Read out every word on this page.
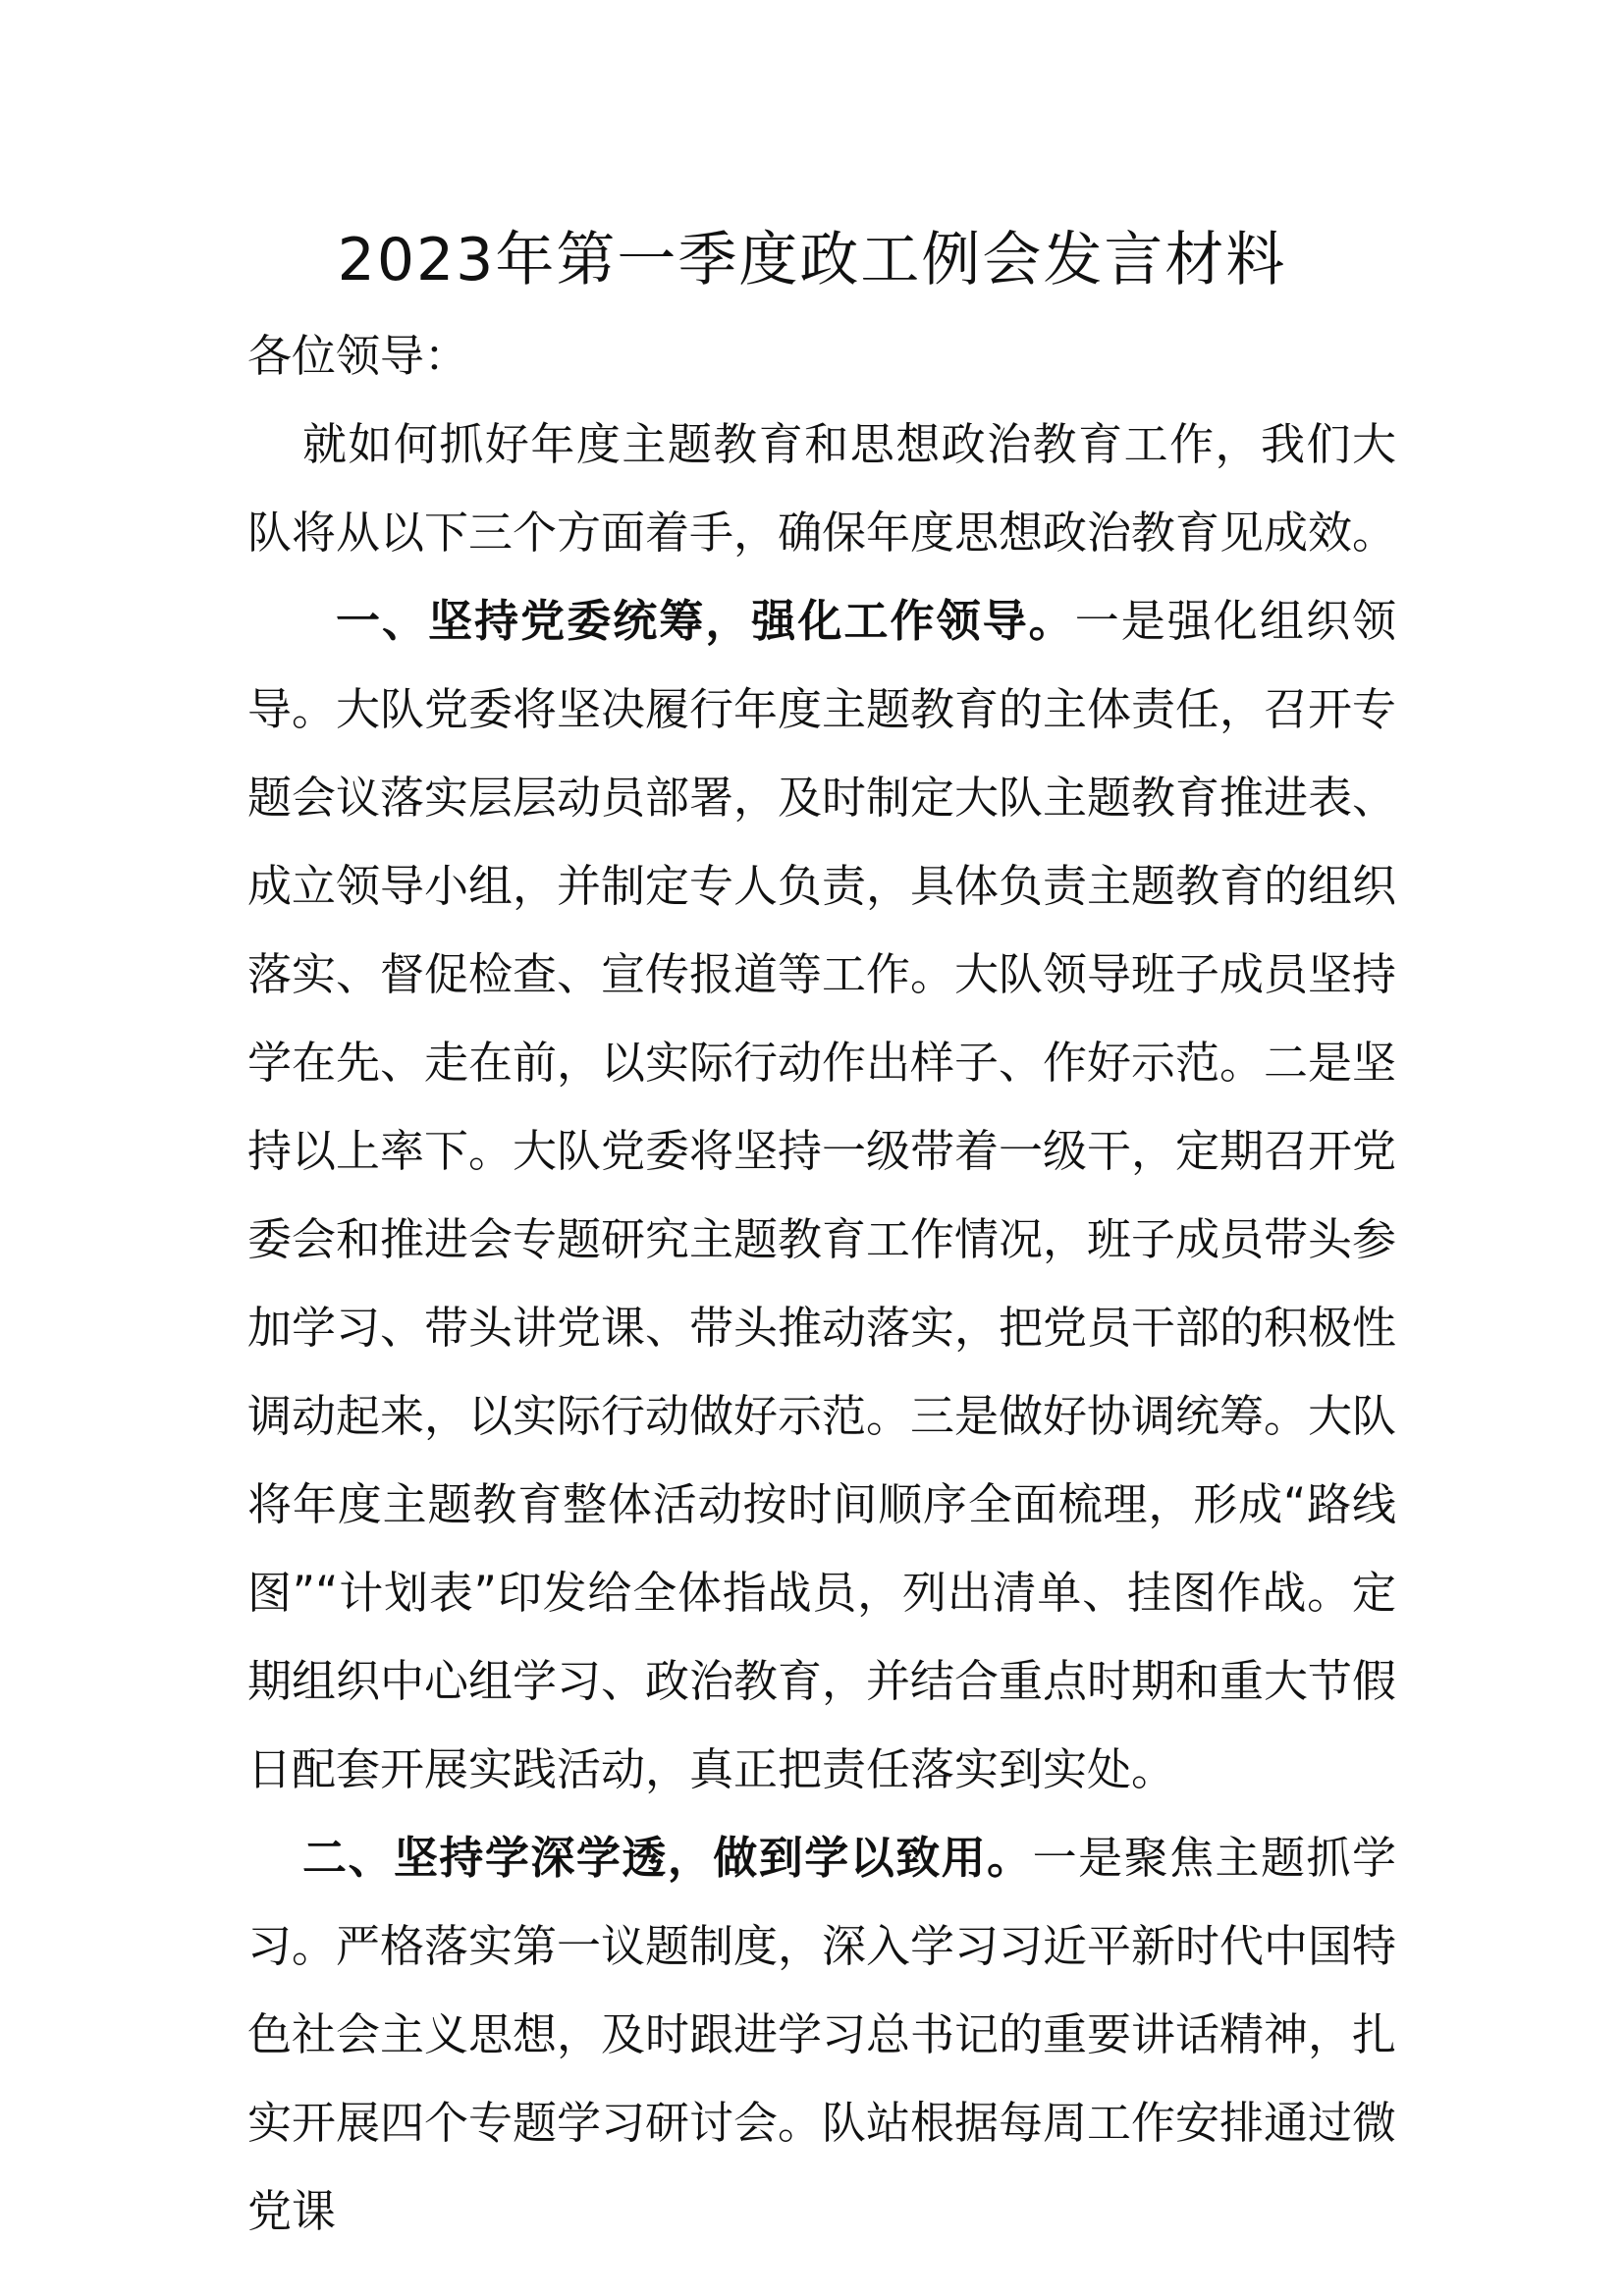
2023年第一季度政工例会发言材料

各位领导：

就如何抓好年度主题教育和思想政治教育工作，我们大队将从以下三个方面着手，确保年度思想政治教育见成效。

一、坚持党委统筹，强化工作领导。一是强化组织领导。大队党委将坚决履行年度主题教育的主体责任，召开专题会议落实层层动员部署，及时制定大队主题教育推进表、成立领导小组，并制定专人负责，具体负责主题教育的组织落实、督促检查、宣传报道等工作。大队领导班子成员坚持学在先、走在前，以实际行动作出样子、作好示范。二是坚持以上率下。大队党委将坚持一级带着一级干，定期召开党委会和推进会专题研究主题教育工作情况，班子成员带头参加学习、带头讲党课、带头推动落实，把党员干部的积极性调动起来，以实际行动做好示范。三是做好协调统筹。大队将年度主题教育整体活动按时间顺序全面梳理，形成“路线图”“计划表”印发给全体指战员，列出清单、挂图作战。定期组织中心组学习、政治教育，并结合重点时期和重大节假日配套开展实践活动，真正把责任落实到实处。

二、坚持学深学透，做到学以致用。一是聚焦主题抓学习。严格落实第一议题制度，深入学习习近平新时代中国特色社会主义思想，及时跟进学习总书记的重要讲话精神，扎实开展四个专题学习研讨会。队站根据每周工作安排通过微党课
